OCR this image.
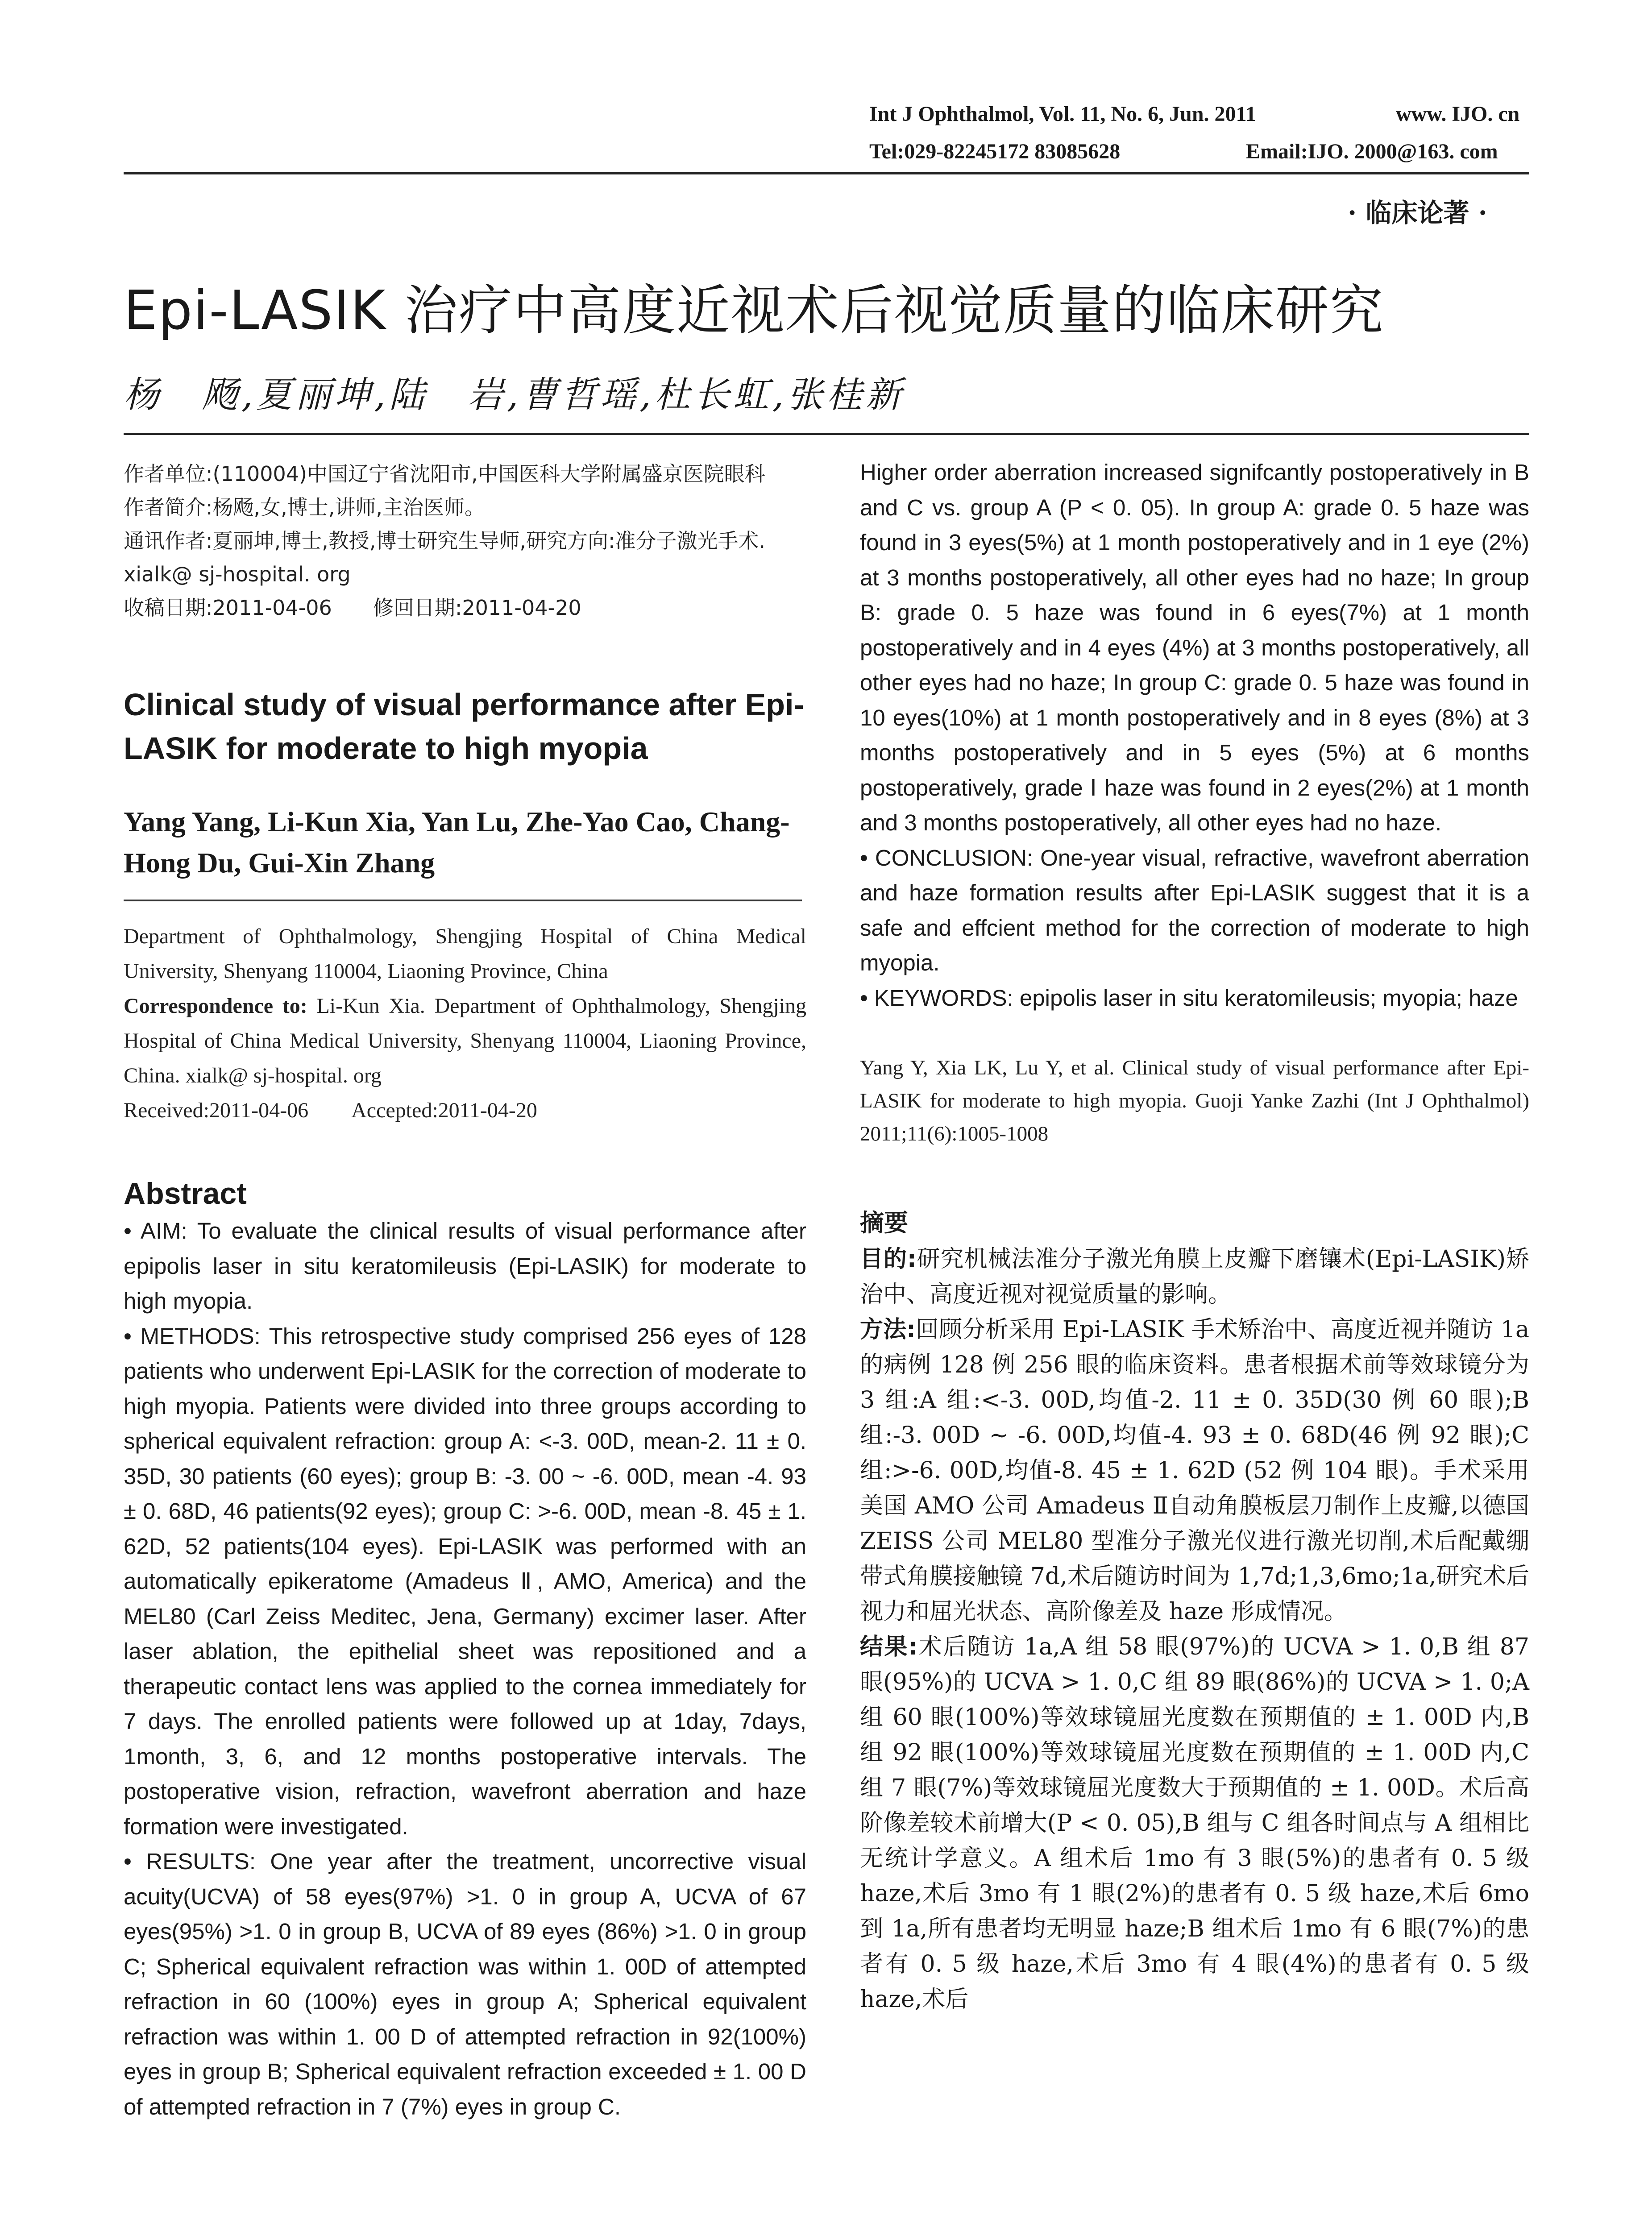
Int J Ophthalmol, Vol. 11, No. 6, Jun. 2011	www. IJO. cn
Tel:029-82245172 83085628	Email:IJO. 2000@163. com
· 临床论著 ·
Epi-LASIK 治疗中高度近视术后视觉质量的临床研究
杨　飏,夏丽坤,陆　岩,曹哲瑶,杜长虹,张桂新
作者单位:(110004)中国辽宁省沈阳市,中国医科大学附属盛京医院眼科
作者简介:杨飏,女,博士,讲师,主治医师。
通讯作者:夏丽坤,博士,教授,博士研究生导师,研究方向:准分子激光手术. xialk@ sj-hospital. org
收稿日期:2011-04-06　　修回日期:2011-04-20
Clinical study of visual performance after Epi-LASIK for moderate to high myopia
Yang Yang, Li-Kun Xia, Yan Lu, Zhe-Yao Cao, Chang-Hong Du, Gui-Xin Zhang
Department of Ophthalmology, Shengjing Hospital of China Medical University, Shenyang 110004, Liaoning Province, China
Correspondence to: Li-Kun Xia. Department of Ophthalmology, Shengjing Hospital of China Medical University, Shenyang 110004, Liaoning Province, China. xialk@ sj-hospital. org
Received:2011-04-06　　Accepted:2011-04-20
Abstract

• AIM: To evaluate the clinical results of visual performance after epipolis laser in situ keratomileusis (Epi-LASIK) for moderate to high myopia.

• METHODS: This retrospective study comprised 256 eyes of 128 patients who underwent Epi-LASIK for the correction of moderate to high myopia. Patients were divided into three groups according to spherical equivalent refraction: group A: <-3. 00D, mean-2. 11 ± 0. 35D, 30 patients (60 eyes); group B: -3. 00 ~ -6. 00D, mean -4. 93 ± 0. 68D, 46 patients(92 eyes); group C: >-6. 00D, mean -8. 45 ± 1. 62D, 52 patients(104 eyes). Epi-LASIK was performed with an automatically epikeratome (Amadeus Ⅱ, AMO, America) and the MEL80 (Carl Zeiss Meditec, Jena, Germany) excimer laser. After laser ablation, the epithelial sheet was repositioned and a therapeutic contact lens was applied to the cornea immediately for 7 days. The enrolled patients were followed up at 1day, 7days, 1month, 3, 6, and 12 months postoperative intervals. The postoperative vision, refraction, wavefront aberration and haze formation were investigated.

• RESULTS: One year after the treatment, uncorrective visual acuity(UCVA) of 58 eyes(97%) >1. 0 in group A, UCVA of 67 eyes(95%) >1. 0 in group B, UCVA of 89 eyes (86%) >1. 0 in group C; Spherical equivalent refraction was within 1. 00D of attempted refraction in 60 (100%) eyes in group A; Spherical equivalent refraction was within 1. 00 D of attempted refraction in 92(100%) eyes in group B; Spherical equivalent refraction exceeded ± 1. 00 D of attempted refraction in 7 (7%) eyes in group C.

Higher order aberration increased signifcantly postoperatively in B and C vs. group A (P < 0. 05). In group A: grade 0. 5 haze was found in 3 eyes(5%) at 1 month postoperatively and in 1 eye (2%) at 3 months postoperatively, all other eyes had no haze; In group B: grade 0. 5 haze was found in 6 eyes(7%) at 1 month postoperatively and in 4 eyes (4%) at 3 months postoperatively, all other eyes had no haze; In group C: grade 0. 5 haze was found in 10 eyes(10%) at 1 month postoperatively and in 8 eyes (8%) at 3 months postoperatively and in 5 eyes (5%) at 6 months postoperatively, grade Ⅰ haze was found in 2 eyes(2%) at 1 month and 3 months postoperatively, all other eyes had no haze.

• CONCLUSION: One-year visual, refractive, wavefront aberration and haze formation results after Epi-LASIK suggest that it is a safe and effcient method for the correction of moderate to high myopia.

• KEYWORDS: epipolis laser in situ keratomileusis; myopia; haze

Yang Y, Xia LK, Lu Y, et al. Clinical study of visual performance after Epi-LASIK for moderate to high myopia. Guoji Yanke Zazhi (Int J Ophthalmol) 2011;11(6):1005-1008
摘要

目的:研究机械法准分子激光角膜上皮瓣下磨镶术(Epi-LASIK)矫治中、高度近视对视觉质量的影响。

方法:回顾分析采用 Epi-LASIK 手术矫治中、高度近视并随访 1a 的病例 128 例 256 眼的临床资料。患者根据术前等效球镜分为 3 组:A 组:<-3. 00D,均值-2. 11 ± 0. 35D(30 例 60 眼);B 组:-3. 00D ~ -6. 00D,均值-4. 93 ± 0. 68D(46 例 92 眼);C 组:>-6. 00D,均值-8. 45 ± 1. 62D (52 例 104 眼)。手术采用美国 AMO 公司 Amadeus Ⅱ自动角膜板层刀制作上皮瓣,以德国 ZEISS 公司 MEL80 型准分子激光仪进行激光切削,术后配戴绷带式角膜接触镜 7d,术后随访时间为 1,7d;1,3,6mo;1a,研究术后视力和屈光状态、高阶像差及 haze 形成情况。

结果:术后随访 1a,A 组 58 眼(97%)的 UCVA > 1. 0,B 组 87 眼(95%)的 UCVA > 1. 0,C 组 89 眼(86%)的 UCVA > 1. 0;A 组 60 眼(100%)等效球镜屈光度数在预期值的 ± 1. 00D 内,B 组 92 眼(100%)等效球镜屈光度数在预期值的 ± 1. 00D 内,C 组 7 眼(7%)等效球镜屈光度数大于预期值的 ± 1. 00D。术后高阶像差较术前增大(P < 0. 05),B 组与 C 组各时间点与 A 组相比无统计学意义。A 组术后 1mo 有 3 眼(5%)的患者有 0. 5 级 haze,术后 3mo 有 1 眼(2%)的患者有 0. 5 级 haze,术后 6mo 到 1a,所有患者均无明显 haze;B 组术后 1mo 有 6 眼(7%)的患者有 0. 5 级 haze,术后 3mo 有 4 眼(4%)的患者有 0. 5 级 haze,术后
